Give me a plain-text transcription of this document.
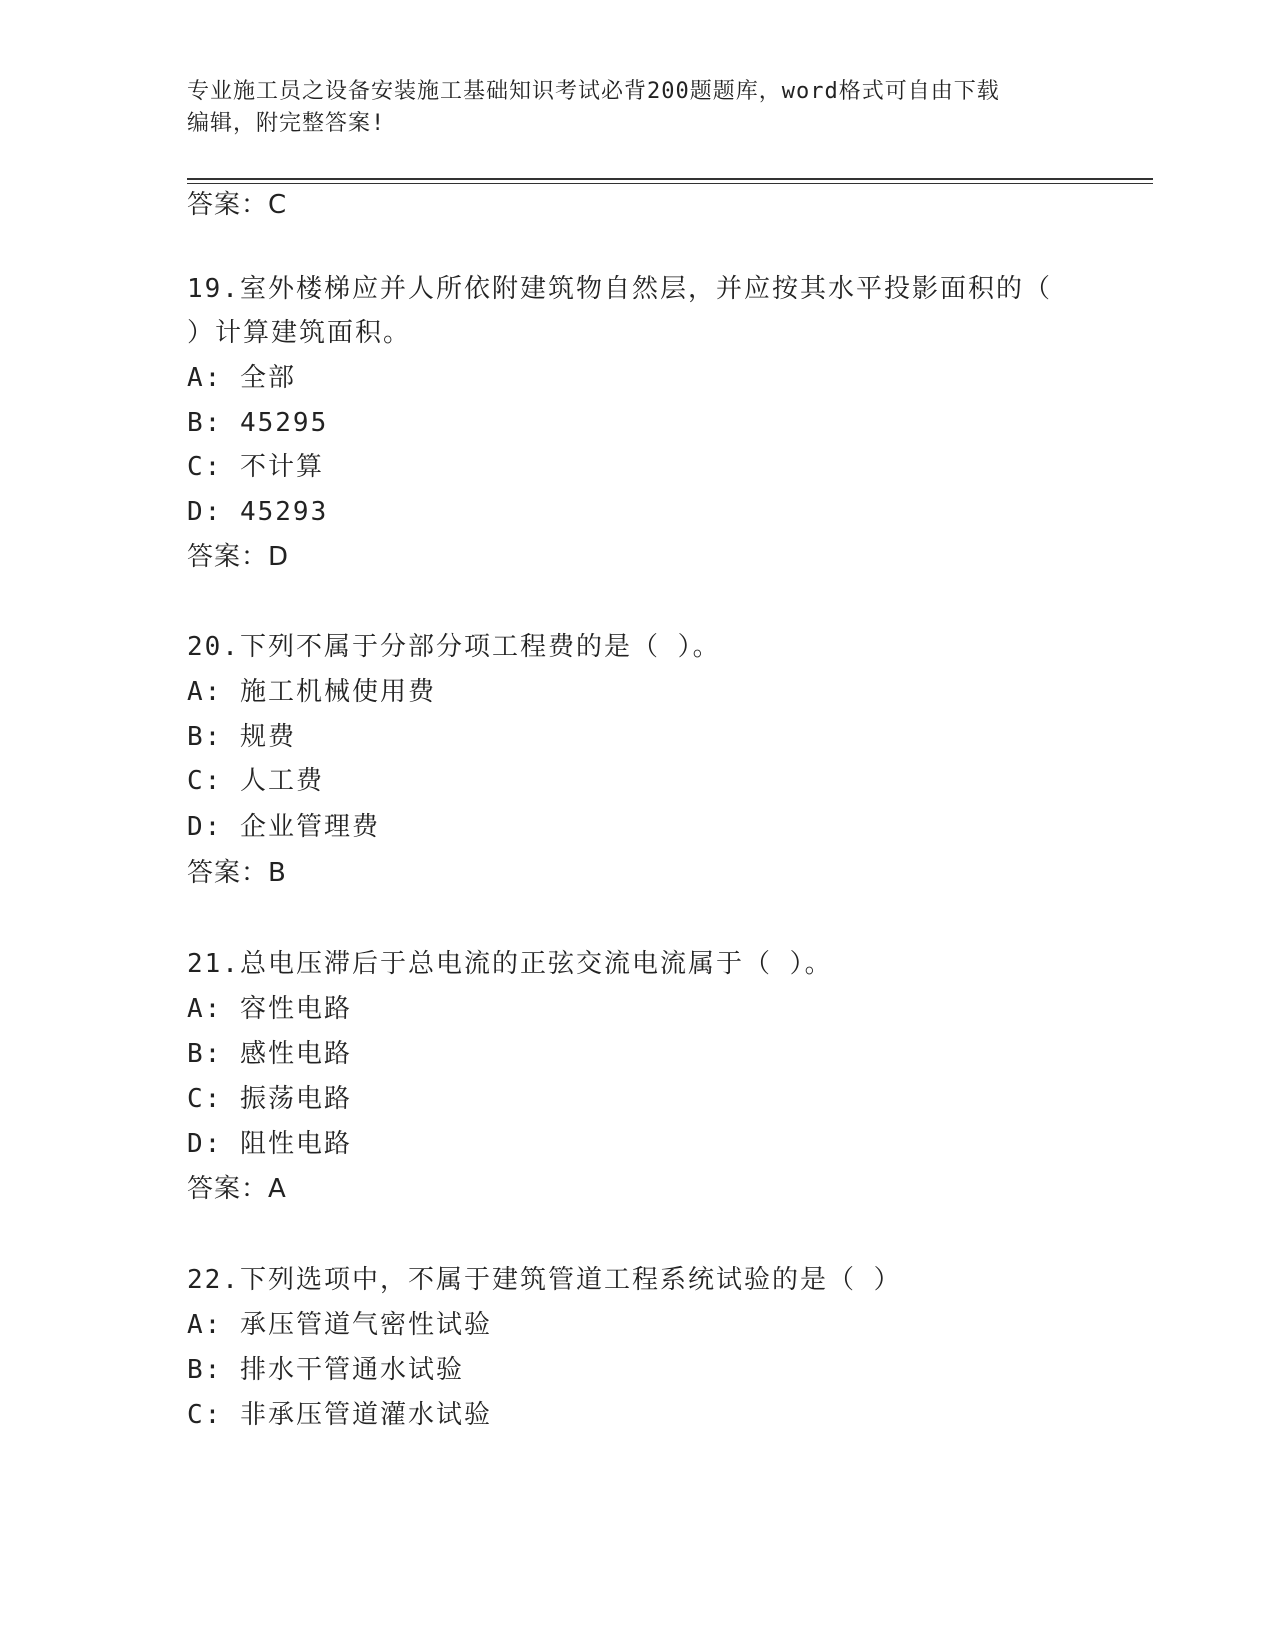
专业施工员之设备安装施工基础知识考试必背200题题库，word格式可自由下载
编辑，附完整答案!
答案：C
19.室外楼梯应并人所依附建筑物自然层，并应按其水平投影面积的（
）计算建筑面积。
A: 全部
B: 45295
C: 不计算
D: 45293
答案：D
20.下列不属于分部分项工程费的是（ ）。
A: 施工机械使用费
B: 规费
C: 人工费
D: 企业管理费
答案：B
21.总电压滞后于总电流的正弦交流电流属于（ ）。
A: 容性电路
B: 感性电路
C: 振荡电路
D: 阻性电路
答案：A
22.下列选项中，不属于建筑管道工程系统试验的是（ ）
A: 承压管道气密性试验
B: 排水干管通水试验
C: 非承压管道灌水试验
